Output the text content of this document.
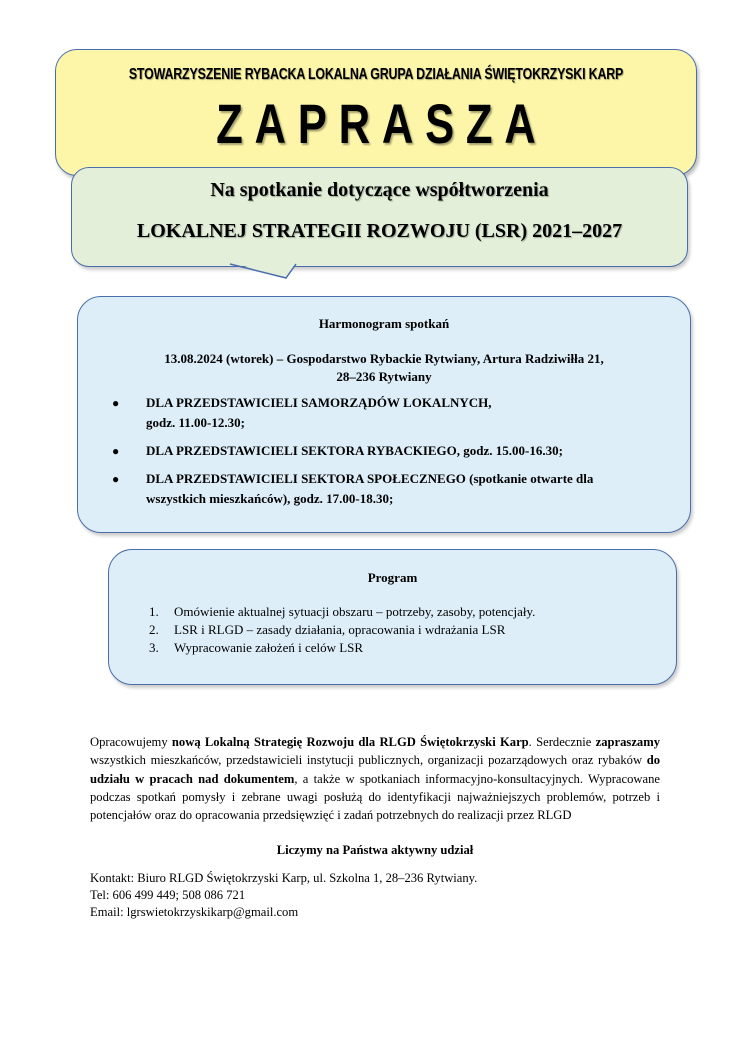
STOWARZYSZENIE RYBACKA LOKALNA GRUPA DZIAŁANIA ŚWIĘTOKRZYSKI KARP
ZAPRASZA
Na spotkanie dotyczące współtworzenia
LOKALNEJ STRATEGII ROZWOJU (LSR) 2021–2027
Harmonogram spotkań
13.08.2024 (wtorek) – Gospodarstwo Rybackie Rytwiany, Artura Radziwiłła 21,
28–236 Rytwiany
●	DLA PRZEDSTAWICIELI SAMORZĄDÓW LOKALNYCH,
godz. 11.00-12.30;
●	DLA PRZEDSTAWICIELI SEKTORA RYBACKIEGO, godz. 15.00-16.30;
●	DLA PRZEDSTAWICIELI SEKTORA SPOŁECZNEGO (spotkanie otwarte dla
wszystkich mieszkańców), godz. 17.00-18.30;
Program
1. Omówienie aktualnej sytuacji obszaru – potrzeby, zasoby, potencjały.
2. LSR i RLGD – zasady działania, opracowania i wdrażania LSR
3. Wypracowanie założeń i celów LSR
Opracowujemy nową Lokalną Strategię Rozwoju dla RLGD Świętokrzyski Karp. Serdecznie zapraszamy wszystkich mieszkańców, przedstawicieli instytucji publicznych, organizacji pozarządowych oraz rybaków do udziału w pracach nad dokumentem, a także w spotkaniach informacyjno-konsultacyjnych. Wypracowane podczas spotkań pomysły i zebrane uwagi posłużą do identyfikacji najważniejszych problemów, potrzeb i potencjałów oraz do opracowania przedsięwzięć i zadań potrzebnych do realizacji przez RLGD
Liczymy na Państwa aktywny udział
Kontakt: Biuro RLGD Świętokrzyski Karp, ul. Szkolna 1, 28–236 Rytwiany.
Tel: 606 499 449; 508 086 721
Email: lgrswietokrzyskikarp@gmail.com
